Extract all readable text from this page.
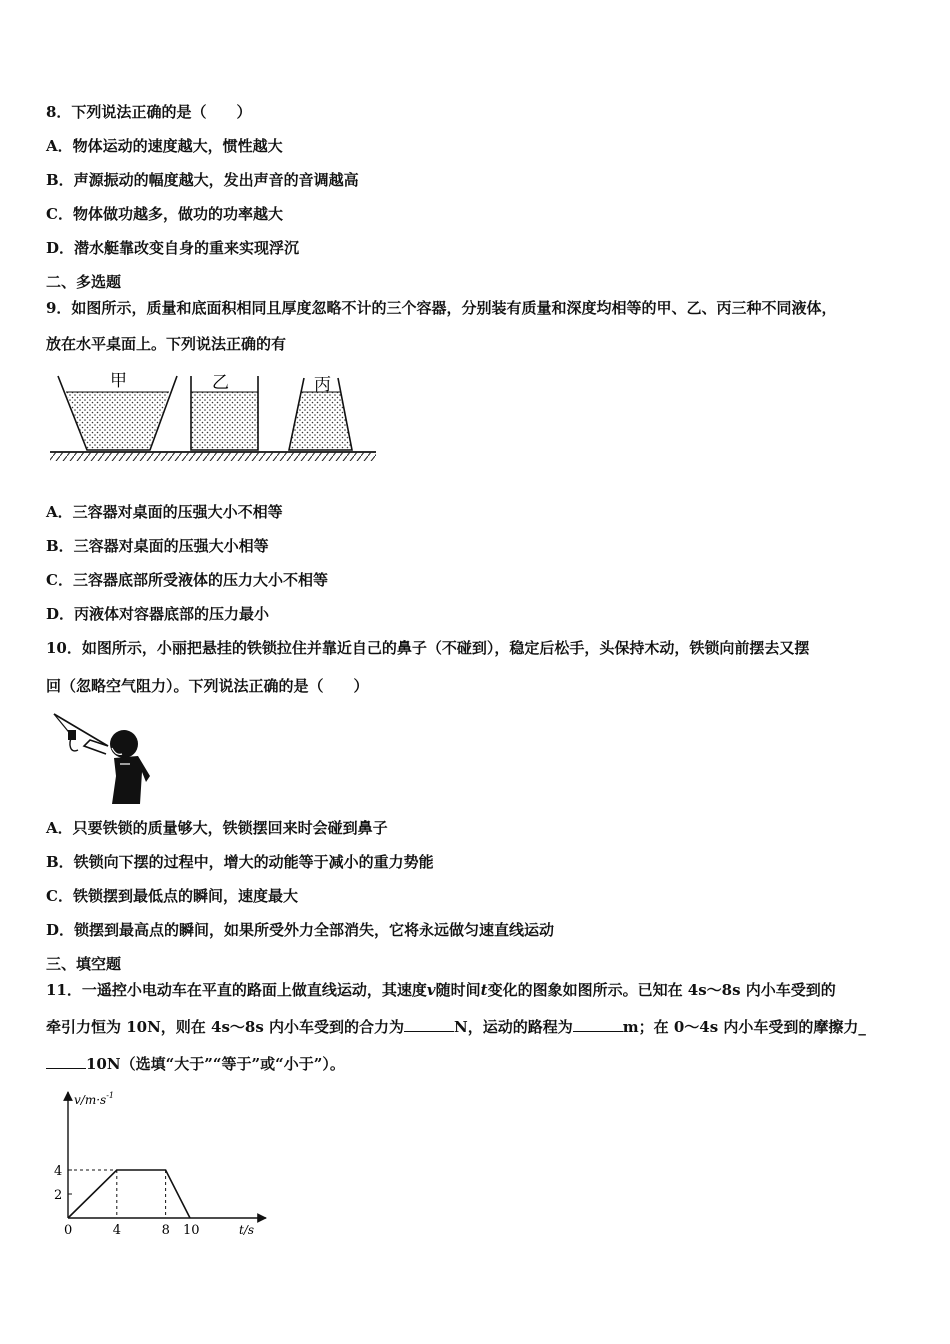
8．下列说法正确的是（　　）
A．物体运动的速度越大，惯性越大
B．声源振动的幅度越大，发出声音的音调越高
C．物体做功越多，做功的功率越大
D．潜水艇靠改变自身的重来实现浮沉
二、多选题
9．如图所示，质量和底面积相同且厚度忽略不计的三个容器，分别装有质量和深度均相等的甲、乙、丙三种不同液体，
放在水平桌面上。下列说法正确的有
甲	乙	丙
A．三容器对桌面的压强大小不相等
B．三容器对桌面的压强大小相等
C．三容器底部所受液体的压力大小不相等
D．丙液体对容器底部的压力最小
10．如图所示，小丽把悬挂的铁锁拉住并靠近自己的鼻子（不碰到），稳定后松手，头保持木动，铁锁向前摆去又摆
回（忽略空气阻力）。下列说法正确的是（　　）
A．只要铁锁的质量够大，铁锁摆回来时会碰到鼻子
B．铁锁向下摆的过程中，增大的动能等于减小的重力势能
C．铁锁摆到最低点的瞬间，速度最大
D．锁摆到最高点的瞬间，如果所受外力全部消失，它将永远做匀速直线运动
三、填空题
11．一遥控小电动车在平直的路面上做直线运动，其速度v随时间t变化的图象如图所示。已知在 4s～8s 内小车受到的
牵引力恒为 10N，则在 4s～8s 内小车受到的合力为	N，运动的路程为	m；在 0～4s 内小车受到的摩擦力_
10N（选填“大于”“等于”或“小于”）。
$v/m\cdot s^{-1}$
t/s
0	4	8 10
2
4
